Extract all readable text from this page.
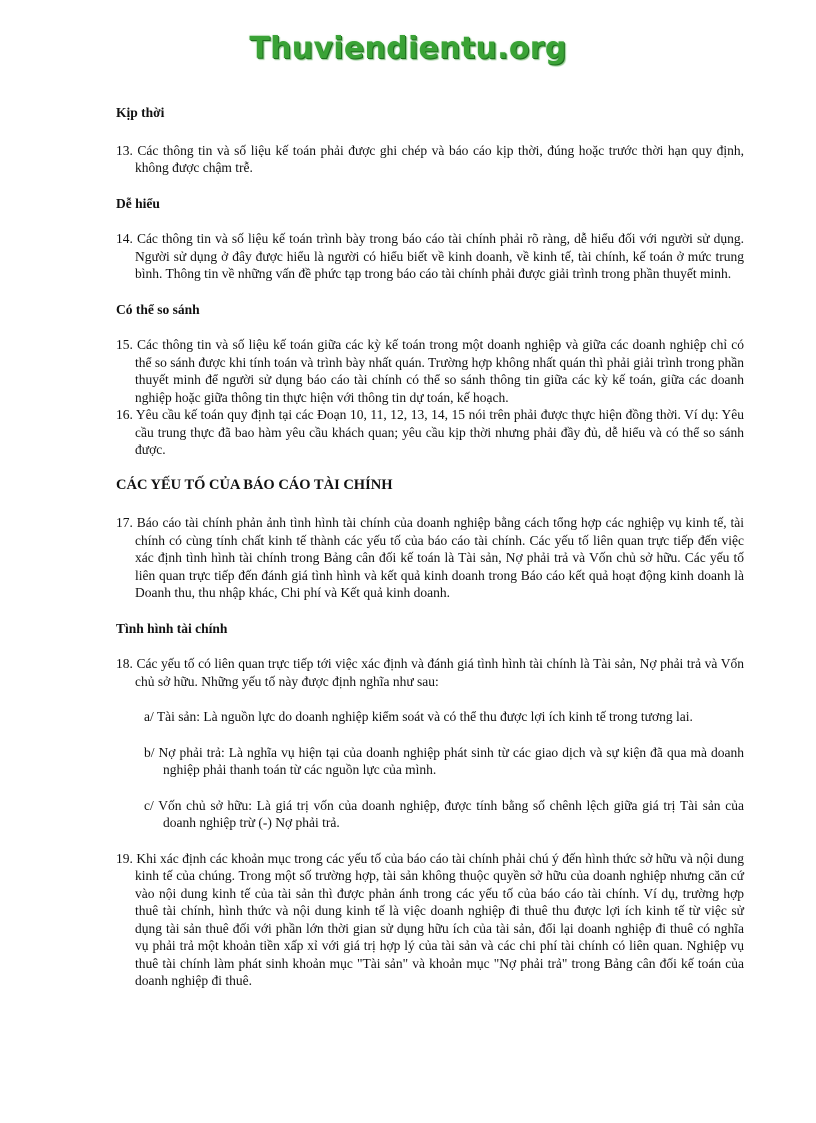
Thuviendientu.org

Kịp thời

13. Các thông tin và số liệu kế toán phải được ghi chép và báo cáo kịp thời, đúng hoặc trước thời hạn quy định, không được chậm trễ.

Dễ hiểu

14. Các thông tin và số liệu kế toán trình bày trong báo cáo tài chính phải rõ ràng, dễ hiểu đối với người sử dụng. Người sử dụng ở đây được hiểu là người có hiểu biết về kinh doanh, về kinh tế, tài chính, kế toán ở mức trung bình. Thông tin về những vấn đề phức tạp trong báo cáo tài chính phải được giải trình trong phần thuyết minh.

Có thể so sánh

15. Các thông tin và số liệu kế toán giữa các kỳ kế toán trong một doanh nghiệp và giữa các doanh nghiệp chỉ có thể so sánh được khi tính toán và trình bày nhất quán. Trường hợp không nhất quán thì phải giải trình trong phần thuyết minh để người sử dụng báo cáo tài chính có thể so sánh thông tin giữa các kỳ kế toán, giữa các doanh nghiệp hoặc giữa thông tin thực hiện với thông tin dự toán, kế hoạch.

16. Yêu cầu kế toán quy định tại các Đoạn 10, 11, 12, 13, 14, 15 nói trên phải được thực hiện đồng thời. Ví dụ: Yêu cầu trung thực đã bao hàm yêu cầu khách quan; yêu cầu kịp thời nhưng phải đầy đủ, dễ hiểu và có thể so sánh được.

CÁC YẾU TỐ CỦA BÁO CÁO TÀI CHÍNH

17. Báo cáo tài chính phản ảnh tình hình tài chính của doanh nghiệp bằng cách tổng hợp các nghiệp vụ kinh tế, tài chính có cùng tính chất kinh tế thành các yếu tố của báo cáo tài chính. Các yếu tố liên quan trực tiếp đến việc xác định tình hình tài chính trong Bảng cân đối kế toán là Tài sản, Nợ phải trả và Vốn chủ sở hữu. Các yếu tố liên quan trực tiếp đến đánh giá tình hình và kết quả kinh doanh trong Báo cáo kết quả hoạt động kinh doanh là Doanh thu, thu nhập khác, Chi phí và Kết quả kinh doanh.

Tình hình tài chính

18. Các yếu tố có liên quan trực tiếp tới việc xác định và đánh giá tình hình tài chính là Tài sản, Nợ phải trả và Vốn chủ sở hữu. Những yếu tố này được định nghĩa như sau:

a/ Tài sản: Là nguồn lực do doanh nghiệp kiểm soát và có thể thu được lợi ích kinh tế trong tương lai.

b/ Nợ phải trả: Là nghĩa vụ hiện tại của doanh nghiệp phát sinh từ các giao dịch và sự kiện đã qua mà doanh nghiệp phải thanh toán từ các nguồn lực của mình.

c/ Vốn chủ sở hữu: Là giá trị vốn của doanh nghiệp, được tính bằng số chênh lệch giữa giá trị Tài sản của doanh nghiệp trừ (-) Nợ phải trả.

19. Khi xác định các khoản mục trong các yếu tố của báo cáo tài chính phải chú ý đến hình thức sở hữu và nội dung kinh tế của chúng. Trong một số trường hợp, tài sản không thuộc quyền sở hữu của doanh nghiệp nhưng căn cứ vào nội dung kinh tế của tài sản thì được phản ánh trong các yếu tố của báo cáo tài chính. Ví dụ, trường hợp thuê tài chính, hình thức và nội dung kinh tế là việc doanh nghiệp đi thuê thu được lợi ích kinh tế từ việc sử dụng tài sản thuê đối với phần lớn thời gian sử dụng hữu ích của tài sản, đổi lại doanh nghiệp đi thuê có nghĩa vụ phải trả một khoản tiền xấp xỉ với giá trị hợp lý của tài sản và các chi phí tài chính có liên quan. Nghiệp vụ thuê tài chính làm phát sinh khoản mục "Tài sản" và khoản mục "Nợ phải trả" trong Bảng cân đối kế toán của doanh nghiệp đi thuê.
